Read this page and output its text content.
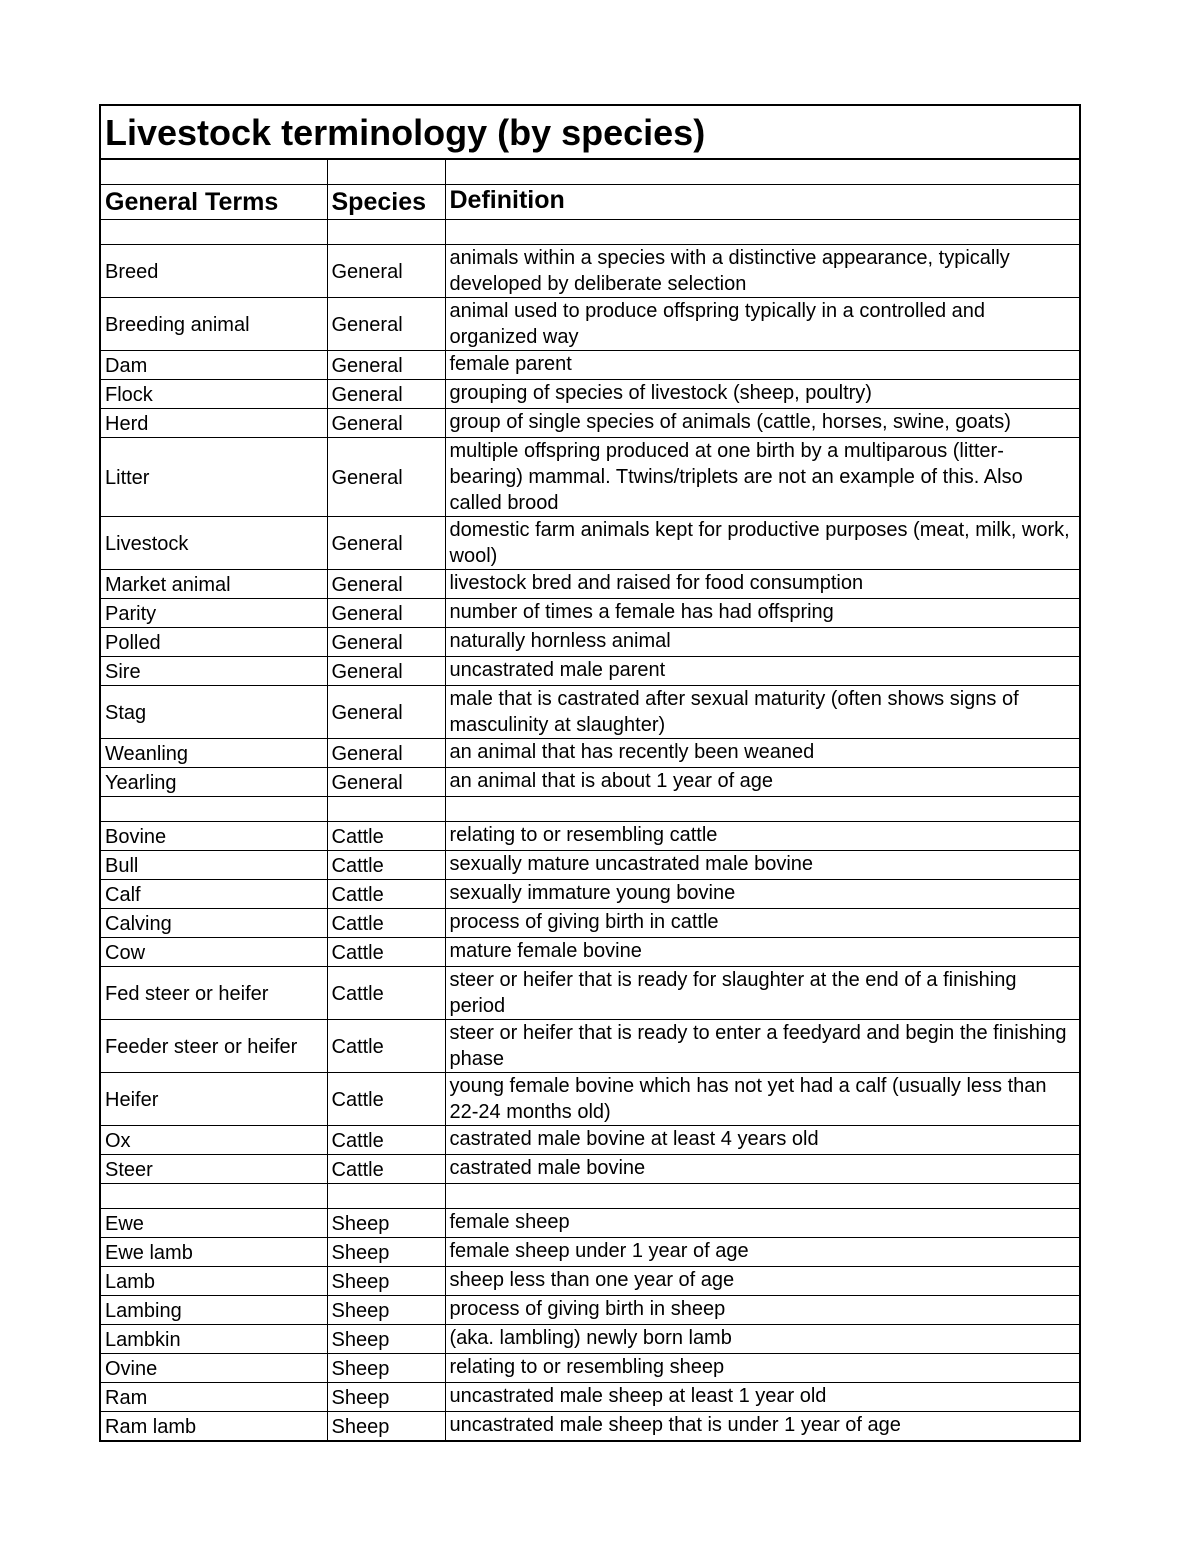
Livestock terminology (by species)		

General Terms	Species	Definition

Breed	General	animals within a species with a distinctive appearance, typically developed by deliberate selection
Breeding animal	General	animal used to produce offspring typically in a controlled and organized way
Dam	General	female parent
Flock	General	grouping of species of livestock (sheep, poultry)
Herd	General	group of single species of animals (cattle, horses, swine, goats)
Litter	General	multiple offspring produced at one birth by a multiparous (litter-bearing) mammal. Ttwins/triplets are not an example of this. Also called brood
Livestock	General	domestic farm animals kept for productive purposes (meat, milk, work, wool)
Market animal	General	livestock bred and raised for food consumption
Parity	General	number of times a female has had offspring
Polled	General	naturally hornless animal
Sire	General	uncastrated male parent
Stag	General	male that is castrated after sexual maturity (often shows signs of masculinity at slaughter)
Weanling	General	an animal that has recently been weaned
Yearling	General	an animal that is about 1 year of age

Bovine	Cattle	relating to or resembling cattle
Bull	Cattle	sexually mature uncastrated male bovine
Calf	Cattle	sexually immature young bovine
Calving	Cattle	process of giving birth in cattle
Cow	Cattle	mature female bovine
Fed steer or heifer	Cattle	steer or heifer that is ready for slaughter at the end of a finishing period
Feeder steer or heifer	Cattle	steer or heifer that is ready to enter a feedyard and begin the finishing phase
Heifer	Cattle	young female bovine which has not yet had a calf (usually less than 22-24 months old)
Ox	Cattle	castrated male bovine at least 4 years old
Steer	Cattle	castrated male bovine

Ewe	Sheep	female sheep
Ewe lamb	Sheep	female sheep under 1 year of age
Lamb	Sheep	sheep less than one year of age
Lambing	Sheep	process of giving birth in sheep
Lambkin	Sheep	(aka. lambling) newly born lamb
Ovine	Sheep	relating to or resembling sheep
Ram	Sheep	uncastrated male sheep at least 1 year old
Ram lamb	Sheep	uncastrated male sheep that is under 1 year of age
